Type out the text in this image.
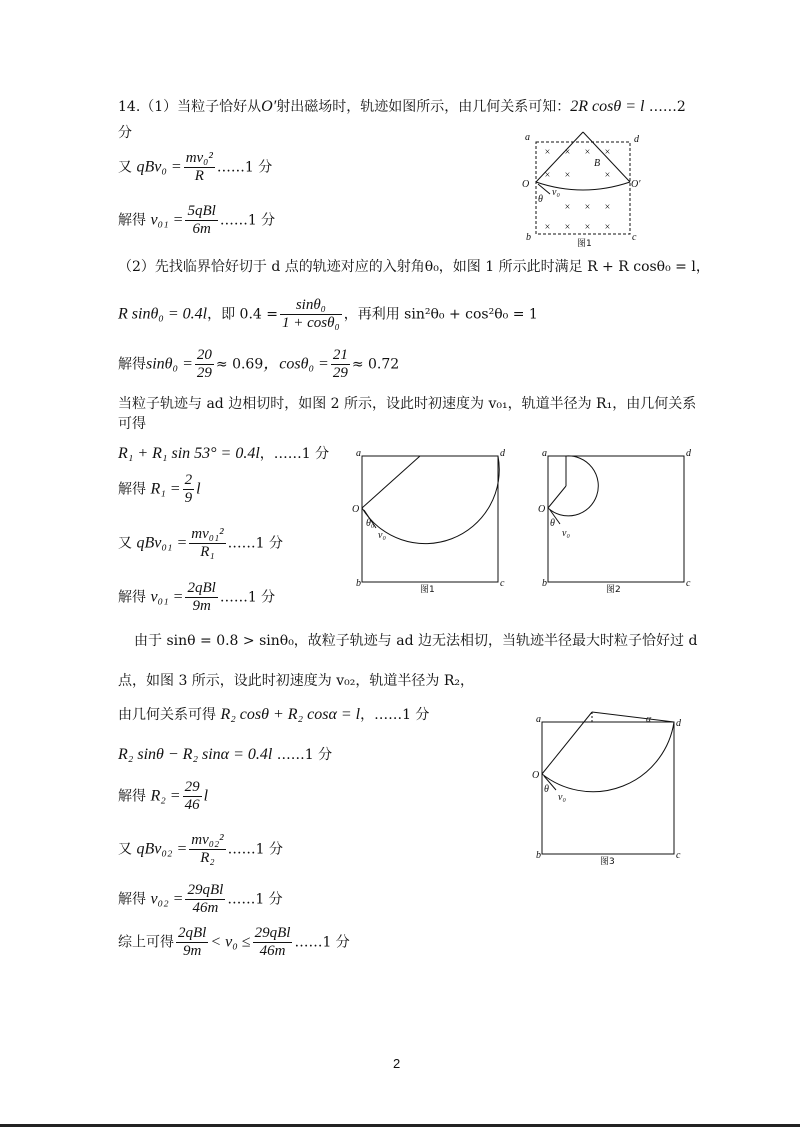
14.（1）当粒子恰好从O′射出磁场时，轨迹如图所示，由几何关系可知：2R cosθ = l ……2
分
又 $qBv_0 = \frac{\text{mv₀²}}{R}$ ……1 分
解得 $v_{01} = \frac{\text{5qBl}}{6m}$ ……1 分
（2）先找临界恰好切于 d 点的轨迹对应的入射角θ₀，如图 1 所示此时满足 R + R cosθ₀ = l，
R sinθ₀ = 0.4l，即 $0.4 = \frac{\text{sinθ₀}}{\text{1 + cosθ₀}}$ ，再利用 sin²θ₀ + cos²θ₀ = 1
解得$\sin\theta_0 = \frac{20}{29} \approx 0.69$，$\cos\theta_0 = \frac{21}{29} \approx 0.72$
当粒子轨迹与 ad 边相切时，如图 2 所示，设此时初速度为 v₀₁，轨道半径为 R₁，由几何关系
可得
R₁ + R₁ sin 53° = 0.4l，……1 分
解得 $R_1 = \frac{2}{9}$ l
又 $qBv_{01} = \frac{\text{mv₀₁²}}{\text{R₁}}$ ……1 分
解得 $v_{01} = \frac{\text{2qBl}}{9m}$ ……1 分
由于 sinθ = 0.8 > sinθ₀，故粒子轨迹与 ad 边无法相切，当轨迹半径最大时粒子恰好过 d
点，如图 3 所示，设此时初速度为 v₀₂，轨道半径为 R₂，
由几何关系可得 R₂ cosθ + R₂ cosα = l，……1 分
R₂ sinθ − R₂ sinα = 0.4l ……1 分
解得 $R_2 = \frac{29}{46}$ l
又 $qBv_{02} = \frac{\text{mv₀₂²}}{\text{R₂}}$ ……1 分
解得 $v_{02} = \frac{\text{29qBl}}{46m}$ ……1 分
综上可得 $\frac{\text{2qBl}}{9m} < v_0 \le \frac{\text{29qBl}}{46m}$ ……1 分
× × × ×
× ×	×
× × ×
× × × ×
a	d
b	c
O	O′
B
θ
v₀
图1
a	d
b	c
O
θ₀
v₀
图1
a	d
b	c
O
θ
v₀
图2
a	d
b	c
O
θ
α
v₀
图3
2
